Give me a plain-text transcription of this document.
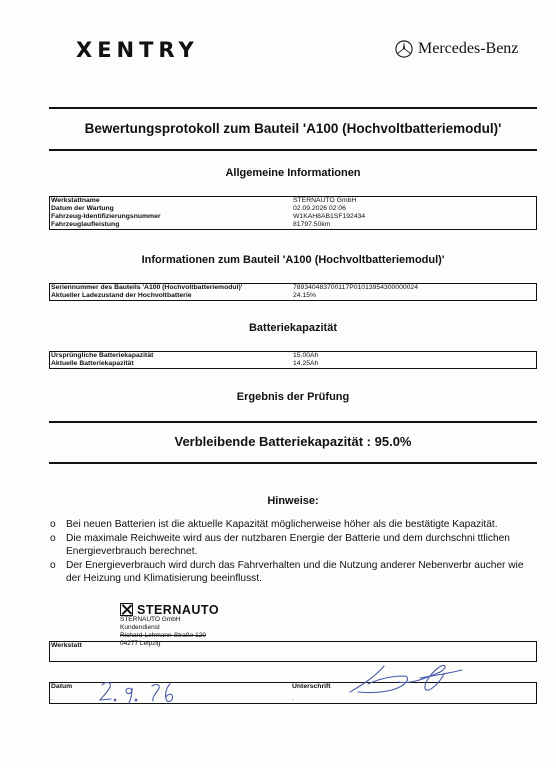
XENTRY	Mercedes-Benz
Bewertungsprotokoll zum Bauteil 'A100 (Hochvoltbatteriemodul)'
Allgemeine Informationen
Werkstattname	STERNAUTO GmbH
Datum der Wartung	02.09.2026 02:06
Fahrzeug-Identifizierungsnummer	W1KAH8AB1SF192434
Fahrzeuglaufleistung	81797.50km
Informationen zum Bauteil 'A100 (Hochvoltbatteriemodul)'
Seriennummer des Bauteils 'A100 (Hochvoltbatteriemodul)'	789340483700117P01013954300000024
Aktueller Ladezustand der Hochvoltbatterie	24.15%
Batteriekapazität
Ursprüngliche Batteriekapazität	15.00Ah
Aktuelle Batteriekapazität	14.25Ah
Ergebnis der Prüfung
Verbleibende Batteriekapazität : 95.0%
Hinweise:
o Bei neuen Batterien ist die aktuelle Kapazität möglicherweise höher als die bestätigte Kapazität.
o Die maximale Reichweite wird aus der nutzbaren Energie der Batterie und dem durchschni ttlichen Energieverbrauch berechnet.
o Der Energieverbrauch wird durch das Fahrverhalten und die Nutzung anderer Nebenverbr aucher wie der Heizung und Klimatisierung beeinflusst.
Werkstatt
STERNAUTO
STERNAUTO GmbH
Kundendienst
Richard-Lehmann-Straße 120
04277 Leipzig
Datum	Unterschrift
.	.
